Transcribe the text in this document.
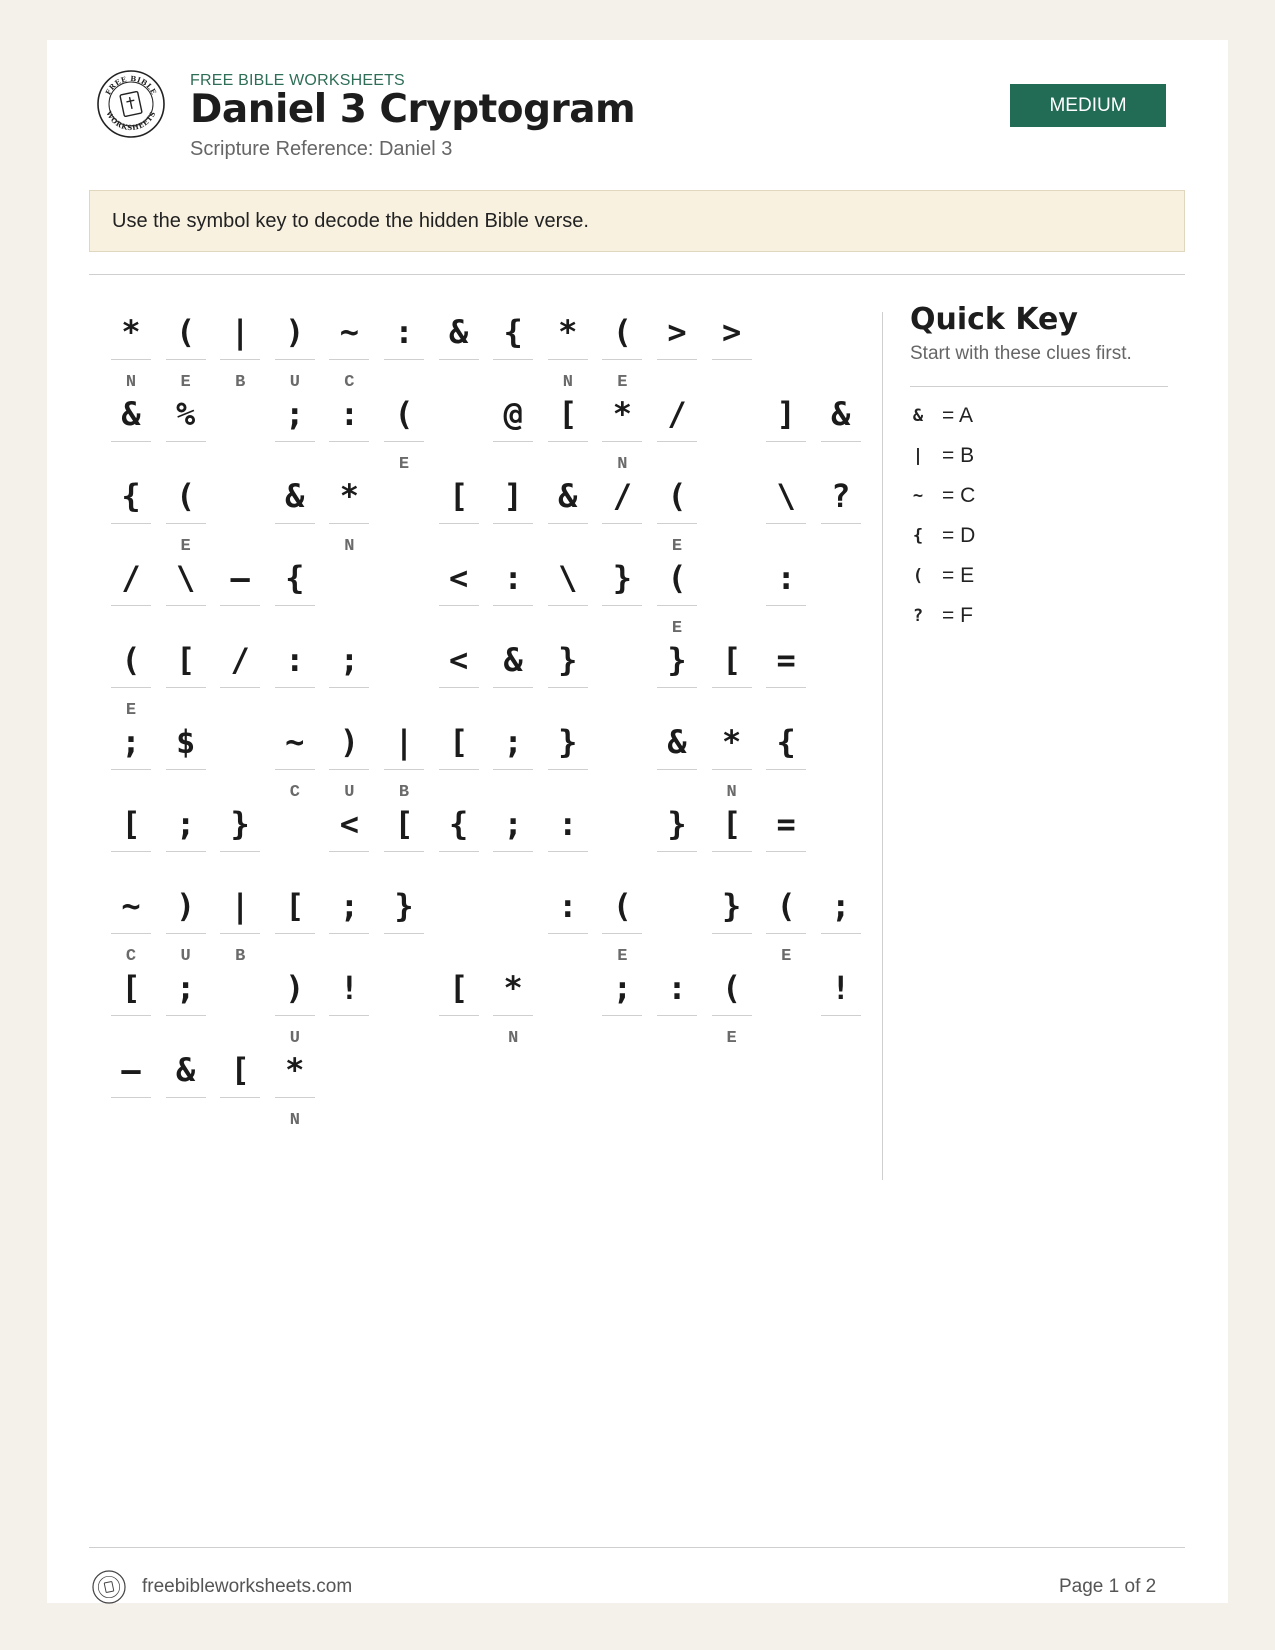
FREE BIBLE
WORKSHEETS
FREE BIBLE WORKSHEETS
Daniel 3 Cryptogram
Scripture Reference: Daniel 3
MEDIUM
Use the symbol key to decode the hidden Bible verse.
*
N
(
E
|
B
)
U
~
C
:	&	{	*
N
(
E
>	>
&	%	;	:	(
E
@	[	*
N
/	]	&
{	(
E
&	*
N
[	]	&	/	(
E
\	?
/	\	–	{	<	:	\	}	(
E
:
(
E
[	/	:	;	<	&	}	}	[	=
;	$	~
C
)
U
|
B
[	;	}	&	*
N
{
[	;	}	<	[	{	;	:	}	[	=
~
C
)
U
|
B
[	;	}	:	(
E
}	(
E
;
[	;	)
U
!	[	*
N
;	:	(
E
!
–	&	[	*
N
Quick Key
Start with these clues first.
& = A
| = B
~ = C
{ = D
( = E
? = F
freebibleworksheets.com	Page 1 of 2
